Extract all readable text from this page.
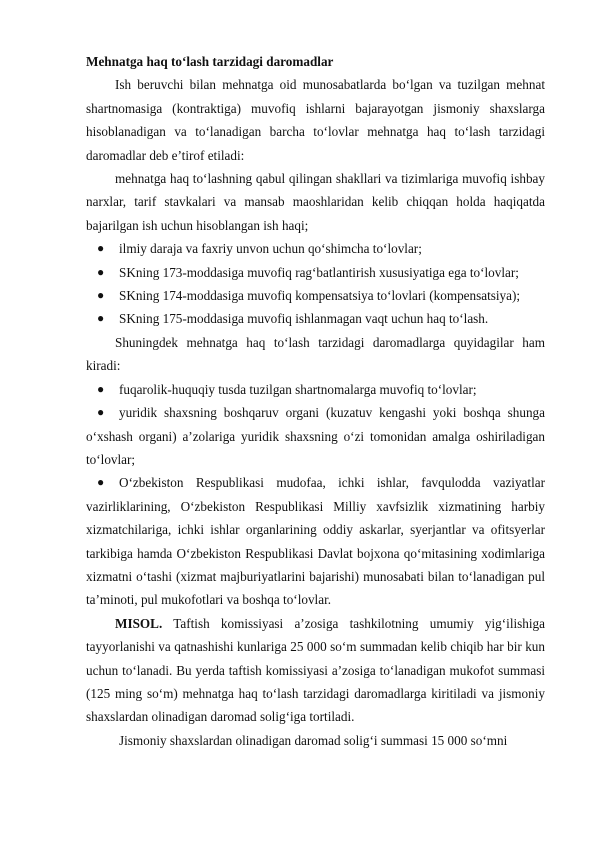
Mehnatga haq to‘lash tarzidagi daromadlar

Ish beruvchi bilan mehnatga oid munosabatlarda bo‘lgan va tuzilgan mehnat shartnomasiga (kontraktiga) muvofiq ishlarni bajarayotgan jismoniy shaxslarga hisoblanadigan va to‘lanadigan barcha to‘lovlar mehnatga haq to‘lash tarzidagi daromadlar deb e’tirof etiladi:

mehnatga haq to‘lashning qabul qilingan shakllari va tizimlariga muvofiq ishbay narxlar, tarif stavkalari va mansab maoshlaridan kelib chiqqan holda haqiqatda bajarilgan ish uchun hisoblangan ish haqi;

● ilmiy daraja va faxriy unvon uchun qo‘shimcha to‘lovlar;
● SKning 173-moddasiga muvofiq rag‘batlantirish xususiyatiga ega to‘lovlar;
● SKning 174-moddasiga muvofiq kompensatsiya to‘lovlari (kompensatsiya);
● SKning 175-moddasiga muvofiq ishlanmagan vaqt uchun haq to‘lash.

Shuningdek mehnatga haq to‘lash tarzidagi daromadlarga quyidagilar ham kiradi:

● fuqarolik-huquqiy tusda tuzilgan shartnomalarga muvofiq to‘lovlar;
● yuridik shaxsning boshqaruv organi (kuzatuv kengashi yoki boshqa shunga o‘xshash organi) a’zolariga yuridik shaxsning o‘zi tomonidan amalga oshiriladigan to‘lovlar;
● O‘zbekiston Respublikasi mudofaa, ichki ishlar, favqulodda vaziyatlar vazirliklarining, O‘zbekiston Respublikasi Milliy xavfsizlik xizmatining harbiy xizmatchilariga, ichki ishlar organlarining oddiy askarlar, syerjantlar va ofitsyerlar tarkibiga hamda O‘zbekiston Respublikasi Davlat bojxona qo‘mitasining xodimlariga xizmatni o‘tashi (xizmat majburiyatlarini bajarishi) munosabati bilan to‘lanadigan pul ta’minoti, pul mukofotlari va boshqa to‘lovlar.

MISOL. Taftish komissiyasi a’zosiga tashkilotning umumiy yig‘ilishiga tayyorlanishi va qatnashishi kunlariga 25 000 so‘m summadan kelib chiqib har bir kun uchun to‘lanadi. Bu yerda taftish komissiyasi a’zosiga to‘lanadigan mukofot summasi (125 ming so‘m) mehnatga haq to‘lash tarzidagi daromadlarga kiritiladi va jismoniy shaxslardan olinadigan daromad solig‘iga tortiladi.

Jismoniy shaxslardan olinadigan daromad solig‘i summasi 15 000 so‘mni
